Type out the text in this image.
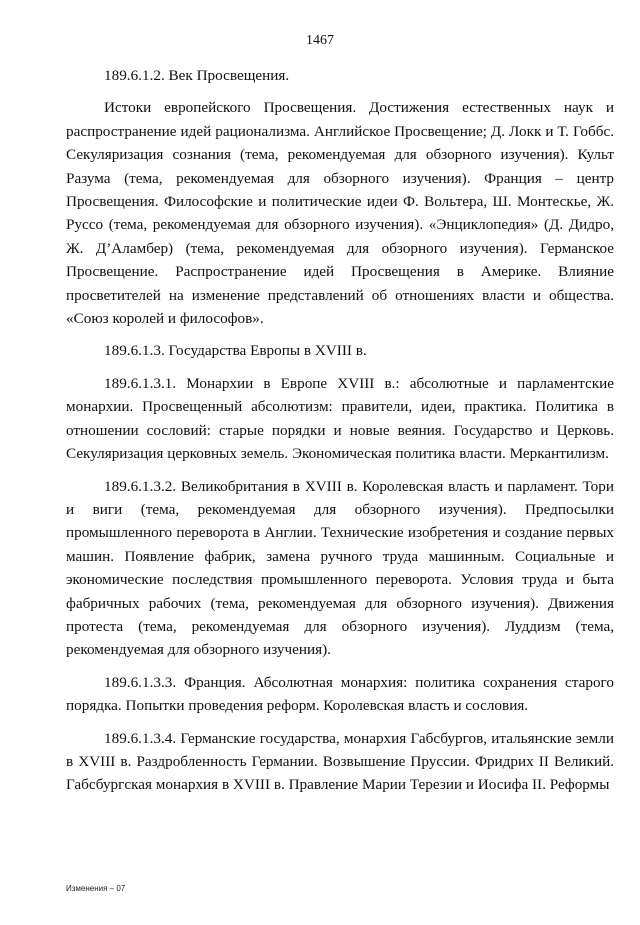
1467

189.6.1.2. Век Просвещения.

Истоки европейского Просвещения. Достижения естественных наук и распространение идей рационализма. Английское Просвещение; Д. Локк и Т. Гоббс. Секуляризация сознания (тема, рекомендуемая для обзорного изучения). Культ Разума (тема, рекомендуемая для обзорного изучения). Франция – центр Просвещения. Философские и политические идеи Ф. Вольтера, Ш. Монтескье, Ж. Руссо (тема, рекомендуемая для обзорного изучения). «Энциклопедия» (Д. Дидро, Ж. Д’Аламбер) (тема, рекомендуемая для обзорного изучения). Германское Просвещение. Распространение идей Просвещения в Америке. Влияние просветителей на изменение представлений об отношениях власти и общества. «Союз королей и философов».

189.6.1.3. Государства Европы в XVIII в.

189.6.1.3.1. Монархии в Европе XVIII в.: абсолютные и парламентские монархии. Просвещенный абсолютизм: правители, идеи, практика. Политика в отношении сословий: старые порядки и новые веяния. Государство и Церковь. Секуляризация церковных земель. Экономическая политика власти. Меркантилизм.

189.6.1.3.2. Великобритания в XVIII в. Королевская власть и парламент. Тори и виги (тема, рекомендуемая для обзорного изучения). Предпосылки промышленного переворота в Англии. Технические изобретения и создание первых машин. Появление фабрик, замена ручного труда машинным. Социальные и экономические последствия промышленного переворота. Условия труда и быта фабричных рабочих (тема, рекомендуемая для обзорного изучения). Движения протеста (тема, рекомендуемая для обзорного изучения). Луддизм (тема, рекомендуемая для обзорного изучения).

189.6.1.3.3. Франция. Абсолютная монархия: политика сохранения старого порядка. Попытки проведения реформ. Королевская власть и сословия.

189.6.1.3.4. Германские государства, монархия Габсбургов, итальянские земли в XVIII в. Раздробленность Германии. Возвышение Пруссии. Фридрих II Великий. Габсбургская монархия в XVIII в. Правление Марии Терезии и Иосифа II. Реформы

Изменения – 07
